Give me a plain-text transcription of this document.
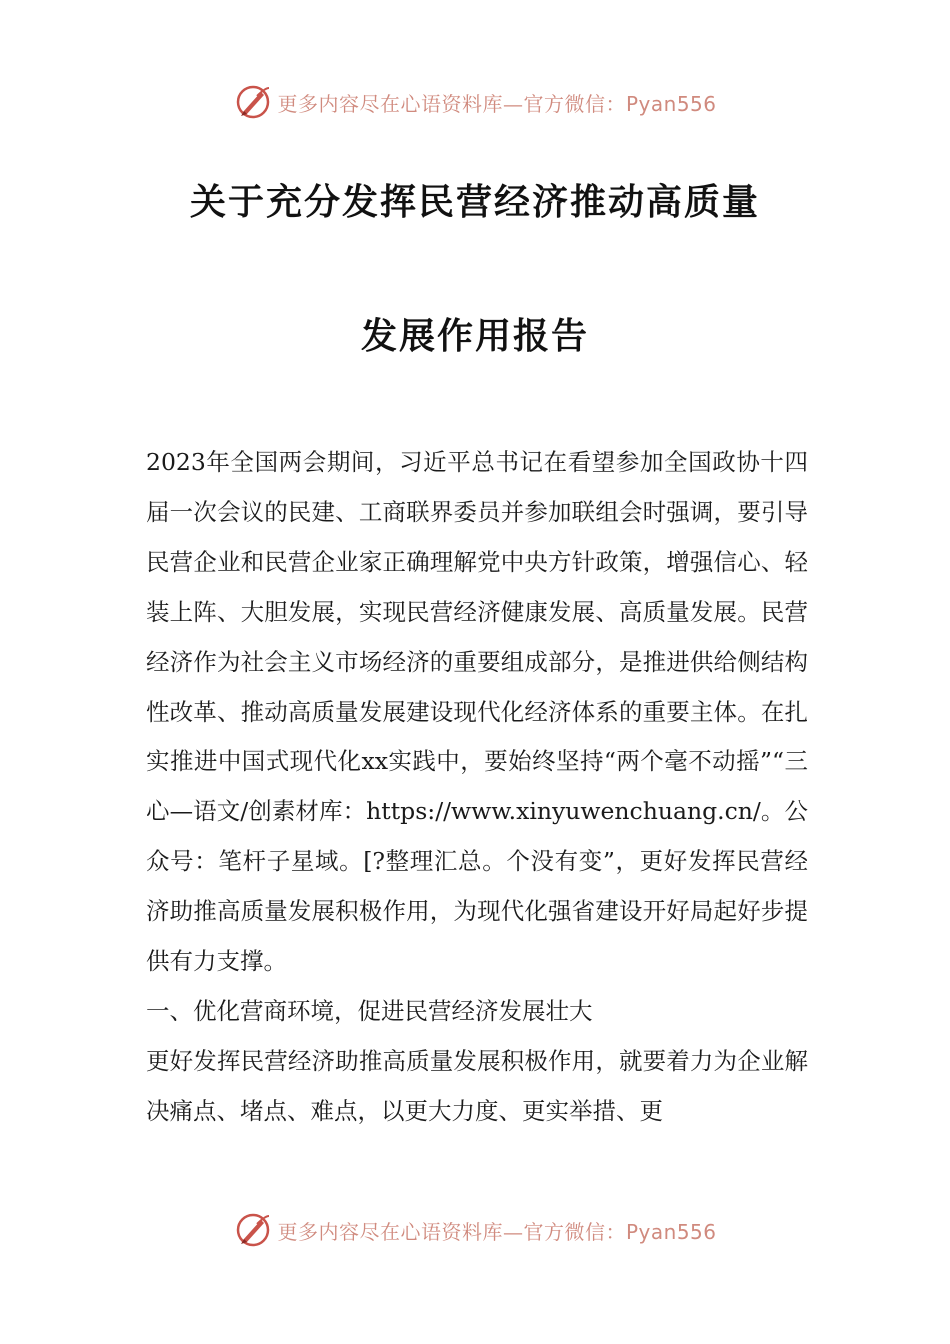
更多内容尽在心语资料库—官方微信：Pyan556
关于充分发挥民营经济推动高质量
发展作用报告

2023年全国两会期间，习近平总书记在看望参加全国政协十四届一次会议的民建、工商联界委员并参加联组会时强调，要引导民营企业和民营企业家正确理解党中央方针政策，增强信心、轻装上阵、大胆发展，实现民营经济健康发展、高质量发展。民营经济作为社会主义市场经济的重要组成部分，是推进供给侧结构性改革、推动高质量发展建设现代化经济体系的重要主体。在扎实推进中国式现代化xx实践中，要始终坚持“两个毫不动摇”“三心—语文/创素材库：https://www.xinyuwenchuang.cn/。公众号：笔杆子星域。[?整理汇总。个没有变”，更好发挥民营经济助推高质量发展积极作用，为现代化强省建设开好局起好步提供有力支撑。

一、优化营商环境，促进民营经济发展壮大

更好发挥民营经济助推高质量发展积极作用，就要着力为企业解决痛点、堵点、难点，以更大力度、更实举措、更

更多内容尽在心语资料库—官方微信：Pyan556
